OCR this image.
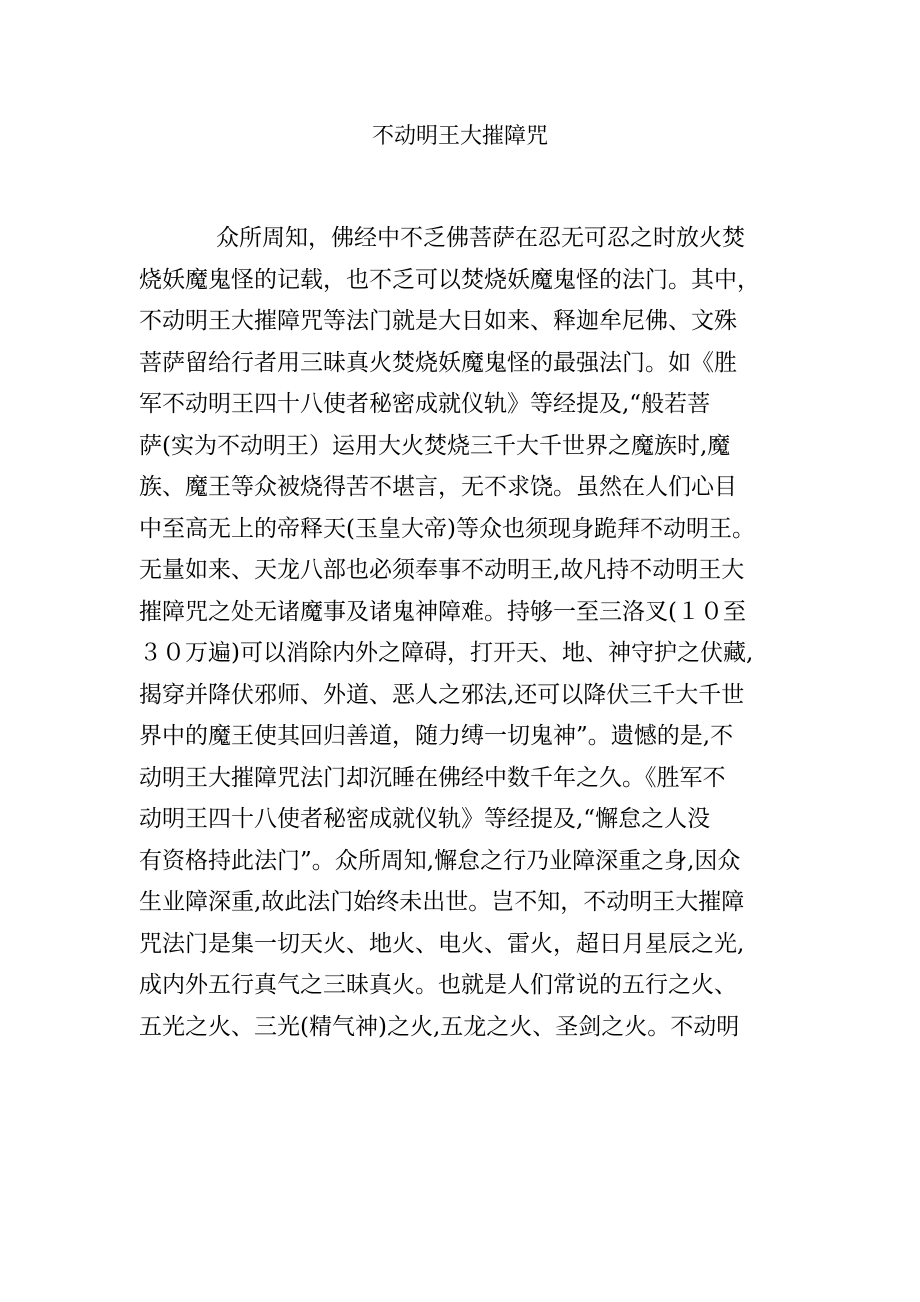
不动明王大摧障咒
众所周知，佛经中不乏佛菩萨在忍无可忍之时放火焚
烧妖魔鬼怪的记载，也不乏可以焚烧妖魔鬼怪的法门。其中，
不动明王大摧障咒等法门就是大日如来、释迦牟尼佛、文殊
菩萨留给行者用三昧真火焚烧妖魔鬼怪的最强法门。如《胜
军不动明王四十八使者秘密成就仪轨》等经提及,“般若菩
萨(实为不动明王）运用大火焚烧三千大千世界之魔族时,魔
族、魔王等众被烧得苦不堪言，无不求饶。虽然在人们心目
中至高无上的帝释天(玉皇大帝)等众也须现身跪拜不动明王。
无量如来、天龙八部也必须奉事不动明王,故凡持不动明王大
摧障咒之处无诸魔事及诸鬼神障难。持够一至三洛叉(１０至
３０万遍)可以消除内外之障碍，打开天、地、神守护之伏藏,
揭穿并降伏邪师、外道、恶人之邪法,还可以降伏三千大千世
界中的魔王使其回归善道，随力缚一切鬼神”。遗憾的是,不
动明王大摧障咒法门却沉睡在佛经中数千年之久。《胜军不
动明王四十八使者秘密成就仪轨》等经提及,“懈怠之人没
有资格持此法门”。众所周知,懈怠之行乃业障深重之身,因众
生业障深重,故此法门始终未出世。岂不知，不动明王大摧障
咒法门是集一切天火、地火、电火、雷火，超日月星辰之光,
成内外五行真气之三昧真火。也就是人们常说的五行之火、
五光之火、三光(精气神)之火,五龙之火、圣剑之火。不动明
